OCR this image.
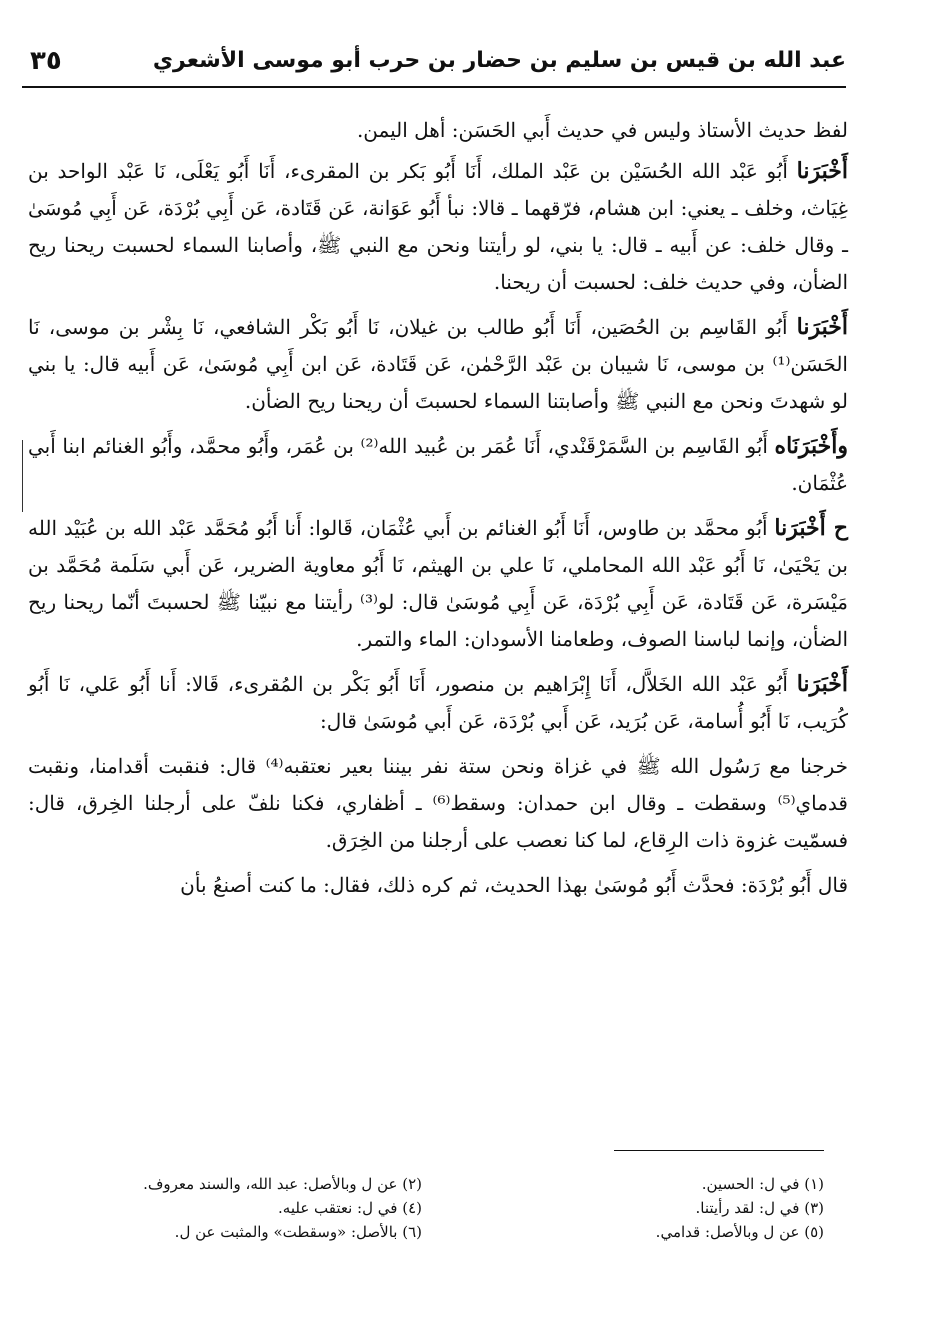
عبد الله بن قيس بن سليم بن حضار بن حرب أبو موسى الأشعري
٣٥

لفظ حديث الأستاذ وليس في حديث أَبي الحَسَن: أهل اليمن.

أَخْبَرَنا أَبُو عَبْد الله الحُسَيْن بن عَبْد الملك، أَنَا أَبُو بَكر بن المقرىء، أَنَا أَبُو يَعْلَى، نَا عَبْد الواحد بن غِيَاث، وخلف ـ يعني: ابن هشام، فرّقهما ـ قالا: نبأ أَبُو عَوَانة، عَن قَتَادة، عَن أَبِي بُرْدَة، عَن أَبِي مُوسَىٰ ـ وقال خلف: عن أَبيه ـ قال: يا بني، لو رأيتنا ونحن مع النبي ﷺ، وأصابنا السماء لحسبت ريحنا ريح الضأن، وفي حديث خلف: لحسبت أن ريحنا.

أَخْبَرَنا أَبُو القَاسِم بن الحُصَين، أَنَا أَبُو طالب بن غيلان، نَا أَبُو بَكْر الشافعي، نَا بِشْر بن موسى، نَا الحَسَن⁽¹⁾ بن موسى، نَا شيبان بن عَبْد الرَّحْمٰن، عَن قَتَادة، عَن ابن أَبِي مُوسَىٰ، عَن أَبيه قال: يا بني لو شهدتَ ونحن مع النبي ﷺ وأصابتنا السماء لحسبتَ أن ريحنا ريح الضأن.

وأَخْبَرَنَاه أَبُو القَاسِم بن السَّمَرْقَنْدي، أَنَا عُمَر بن عُبيد الله⁽²⁾ بن عُمَر، وأَبُو محمَّد، وأَبُو الغنائم ابنا أَبي عُثْمَان.

ح أَخْبَرَنا أَبُو محمَّد بن طاوس، أَنَا أَبُو الغنائم بن أَبي عُثْمَان، قَالوا: أَنا أَبُو مُحَمَّد عَبْد الله بن عُبَيْد الله بن يَحْيَىٰ، نَا أَبُو عَبْد الله المحاملي، نَا علي بن الهيثم، نَا أَبُو معاوية الضرير، عَن أَبي سَلَمة مُحَمَّد بن مَيْسَرة، عَن قَتَادة، عَن أَبِي بُرْدَة، عَن أَبِي مُوسَىٰ قال: لو⁽³⁾ رأيتنا مع نبيّنا ﷺ لحسبتَ أنّما ريحنا ريح الضأن، وإنما لباسنا الصوف، وطعامنا الأسودان: الماء والتمر.

أَخْبَرَنا أَبُو عَبْد الله الخَلاَّل، أَنَا إِبْرَاهيم بن منصور، أَنَا أَبُو بَكْر بن المُقرىء، قَالا: أَنا أَبُو عَلي، نَا أَبُو كُرَيب، نَا أَبُو أُسامة، عَن بُرَيد، عَن أَبي بُرْدَة، عَن أَبي مُوسَىٰ قال:

خرجنا مع رَسُول الله ﷺ في غزاة ونحن ستة نفر بيننا بعير نعتقبه⁽⁴⁾ قال: فنقبت أقدامنا، ونقبت قدماي⁽⁵⁾ وسقطت ـ وقال ابن حمدان: وسقط⁽⁶⁾ ـ أظفاري، فكنا نلفّ على أرجلنا الخِرق، قال: فسمّيت غزوة ذات الرِقاع، لما كنا نعصب على أرجلنا من الخِرَق.

قال أَبُو بُرْدَة: فحدَّث أَبُو مُوسَىٰ بهذا الحديث، ثم كره ذلك، فقال: ما كنت أصنعُ بأن

(١) في ل: الحسين.
(٢) عن ل وبالأصل: عبد الله، والسند معروف.
(٣) في ل: لقد رأيتنا.
(٤) في ل: نعتقب عليه.
(٥) عن ل وبالأصل: قدامي.
(٦) بالأصل: «وسقطت» والمثبت عن ل.
